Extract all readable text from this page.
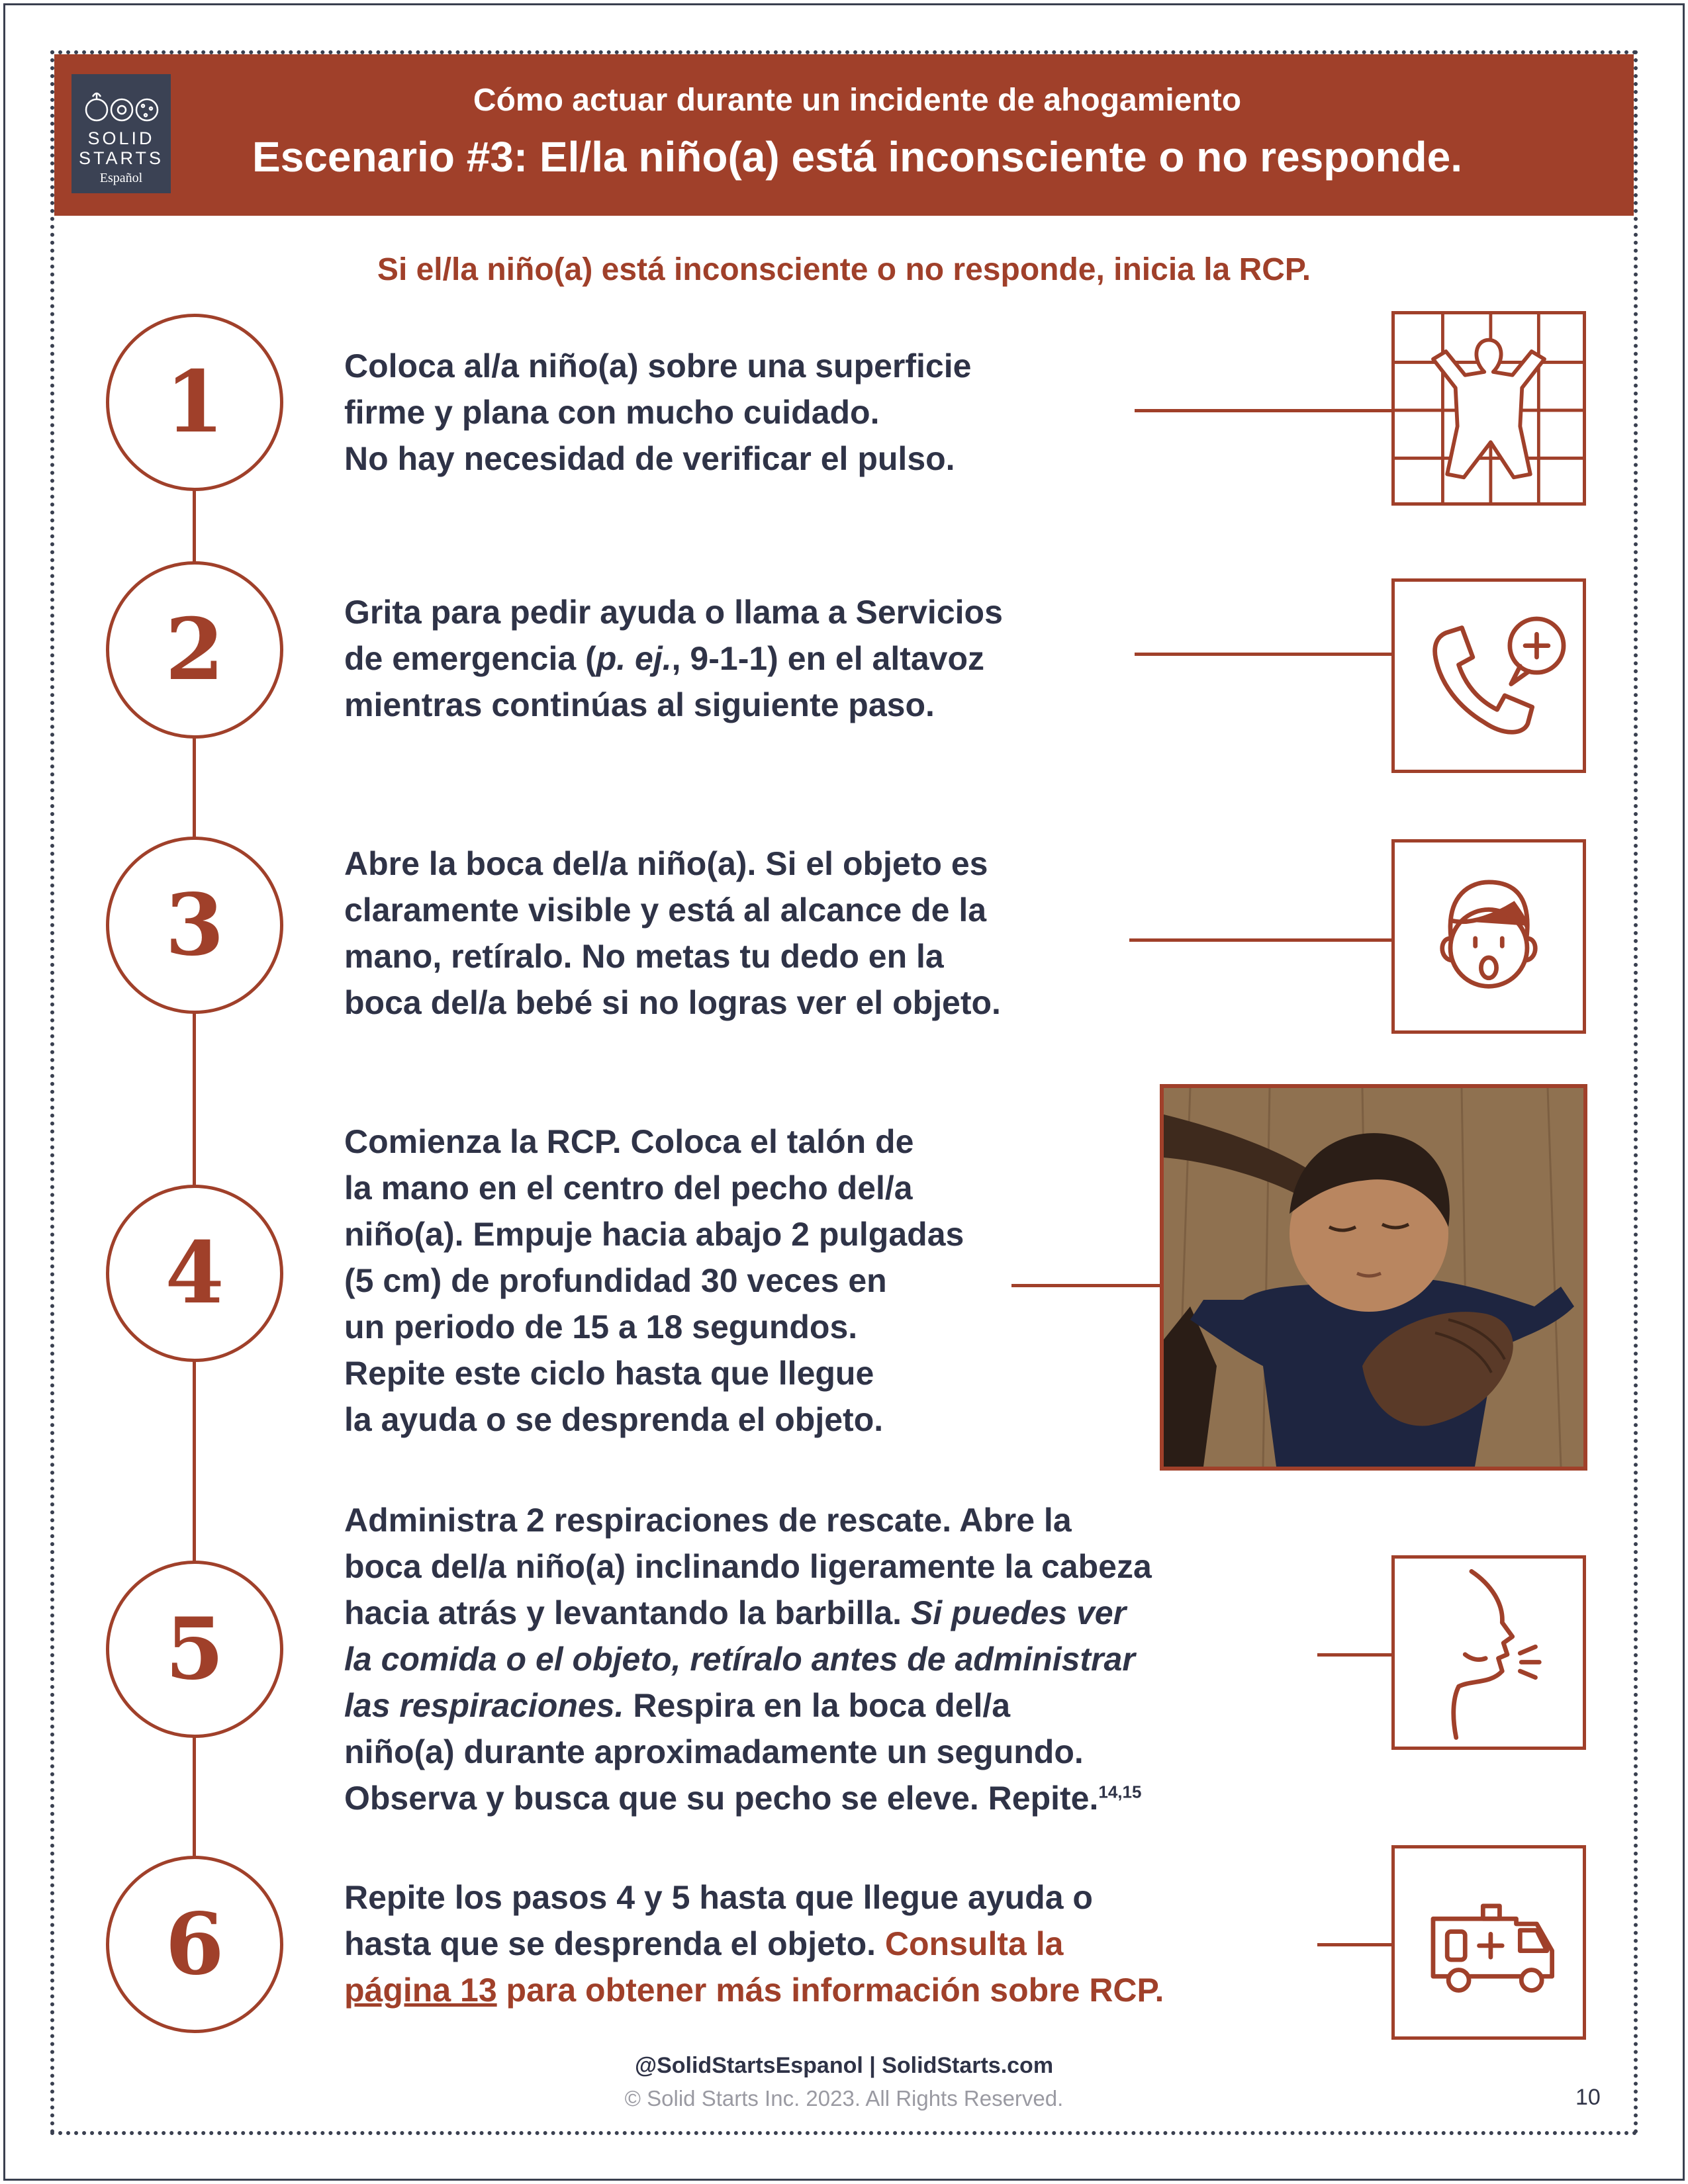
SOLID
STARTS
Español
Cómo actuar durante un incidente de ahogamiento
Escenario #3: El/la niño(a) está inconsciente o no responde.
Si el/la niño(a) está inconsciente o no responde, inicia la RCP.
1	Coloca al/a niño(a) sobre una superficie
firme y plana con mucho cuidado.
No hay necesidad de verificar el pulso.
2	Grita para pedir ayuda o llama a Servicios
de emergencia (p. ej., 9-1-1) en el altavoz
mientras continúas al siguiente paso.
3
Abre la boca del/a niño(a). Si el objeto es
claramente visible y está al alcance de la
mano, retíralo. No metas tu dedo en la
boca del/a bebé si no logras ver el objeto.
4
Comienza la RCP. Coloca el talón de
la mano en el centro del pecho del/a
niño(a). Empuje hacia abajo 2 pulgadas
(5 cm) de profundidad 30 veces en
un periodo de 15 a 18 segundos.
Repite este ciclo hasta que llegue
la ayuda o se desprenda el objeto.
5
Administra 2 respiraciones de rescate. Abre la
boca del/a niño(a) inclinando ligeramente la cabeza
hacia atrás y levantando la barbilla. Si puedes ver
la comida o el objeto, retíralo antes de administrar
las respiraciones. Respira en la boca del/a
niño(a) durante aproximadamente un segundo.
Observa y busca que su pecho se eleve. Repite.$^{14,15}$
6	Repite los pasos 4 y 5 hasta que llegue ayuda o
hasta que se desprenda el objeto. Consulta la
página 13 para obtener más información sobre RCP.
@SolidStartsEspanol | SolidStarts.com
© Solid Starts Inc. 2023. All Rights Reserved.	10
